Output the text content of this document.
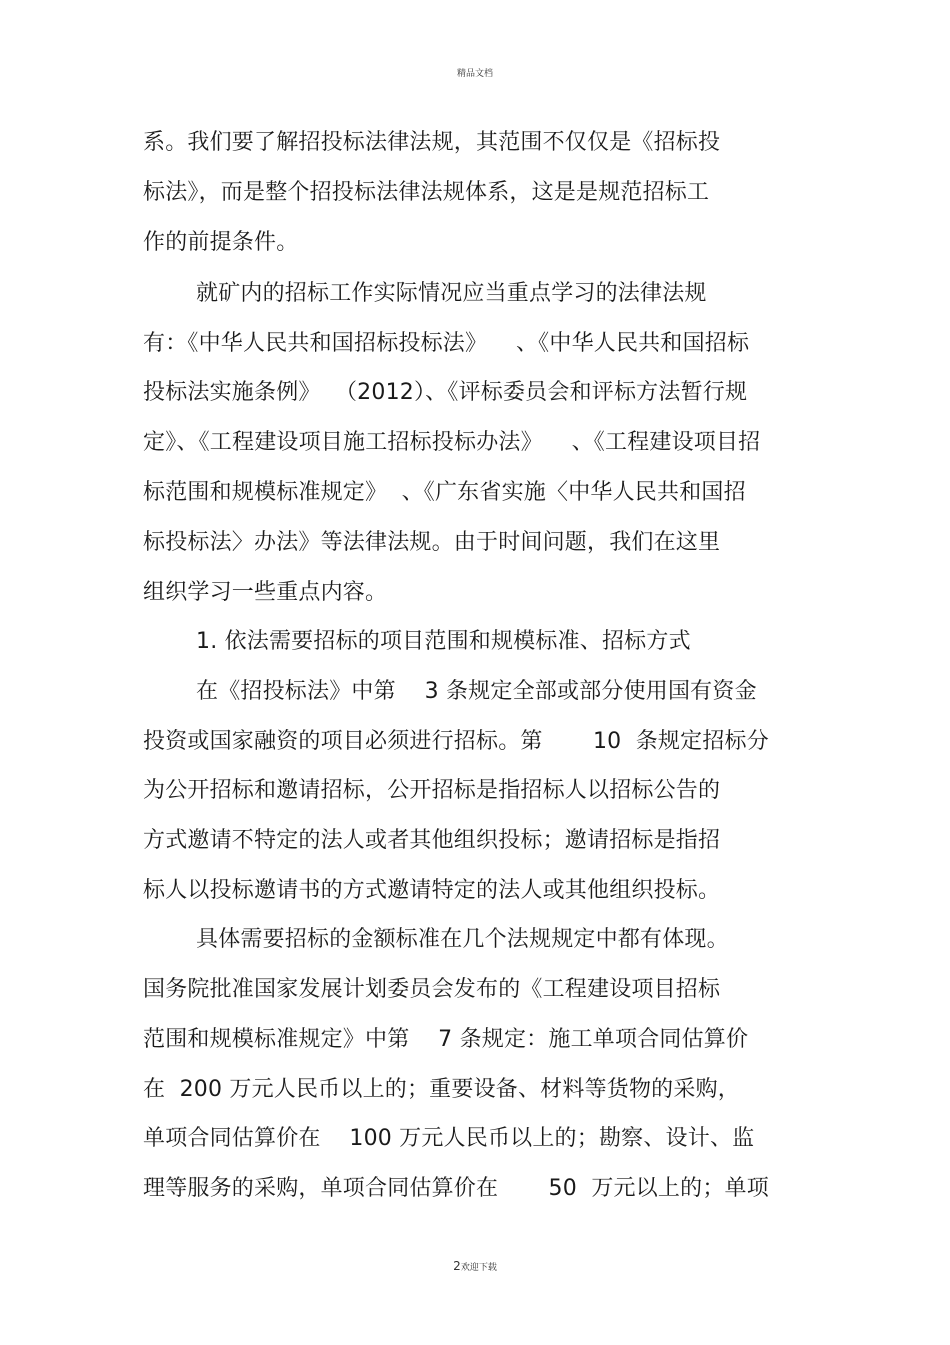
精品文档
系。我们要了解招投标法律法规，其范围不仅仅是《招标投
标法》，而是整个招投标法律法规体系，这是是规范招标工
作的前提条件。
就矿内的招标工作实际情况应当重点学习的法律法规
有：《中华人民共和国招标投标法》    、《中华人民共和国招标
投标法实施条例》  （2012）、《评标委员会和评标方法暂行规
定》、《工程建设项目施工招标投标办法》    、《工程建设项目招
标范围和规模标准规定》  、《广东省实施〈中华人民共和国招
标投标法〉办法》等法律法规。由于时间问题，我们在这里
组织学习一些重点内容。
1. 依法需要招标的项目范围和规模标准、招标方式
在《招投标法》中第    3 条规定全部或部分使用国有资金
投资或国家融资的项目必须进行招标。第       10  条规定招标分
为公开招标和邀请招标，公开招标是指招标人以招标公告的
方式邀请不特定的法人或者其他组织投标；邀请招标是指招
标人以投标邀请书的方式邀请特定的法人或其他组织投标。
具体需要招标的金额标准在几个法规规定中都有体现。
国务院批准国家发展计划委员会发布的《工程建设项目招标
范围和规模标准规定》中第    7 条规定：施工单项合同估算价
在  200 万元人民币以上的；重要设备、材料等货物的采购，
单项合同估算价在    100 万元人民币以上的；勘察、设计、监
理等服务的采购，单项合同估算价在       50  万元以上的；单项
2欢迎下载
